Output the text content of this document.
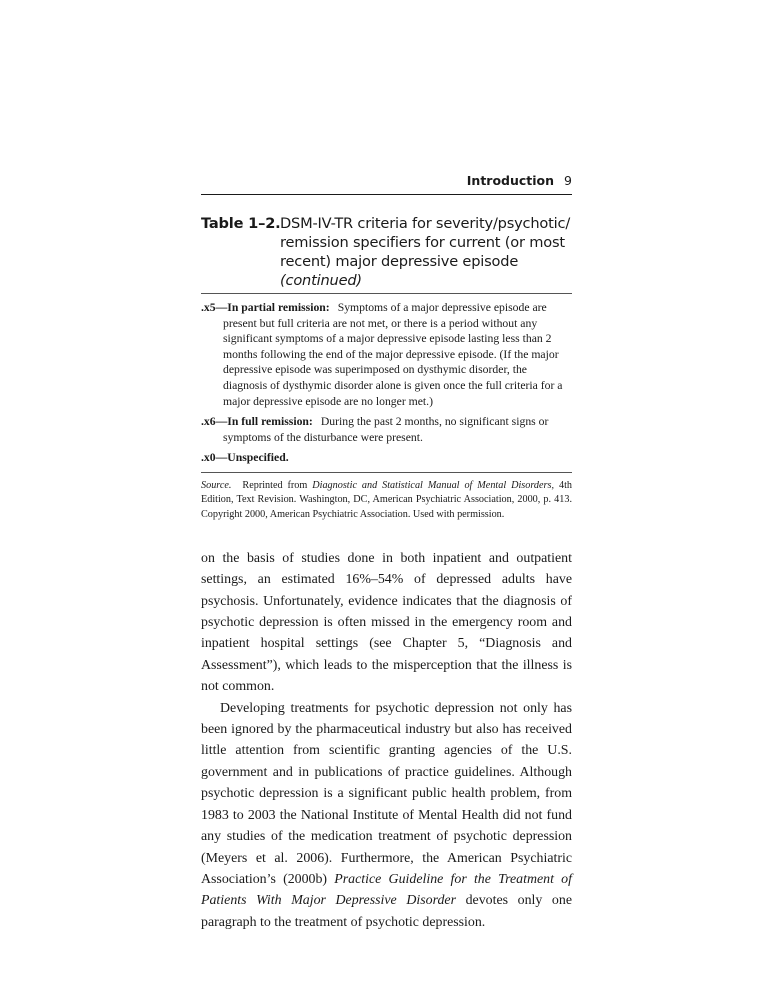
Introduction 9
Table 1–2. DSM-IV-TR criteria for severity/psychotic/ remission specifiers for current (or most recent) major depressive episode (continued)

.x5—In partial remission: Symptoms of a major depressive episode are present but full criteria are not met, or there is a period without any significant symptoms of a major depressive episode lasting less than 2 months following the end of the major depressive episode. (If the major depressive episode was superimposed on dysthymic disorder, the diagnosis of dysthymic disorder alone is given once the full criteria for a major depressive episode are no longer met.)

.x6—In full remission: During the past 2 months, no significant signs or symptoms of the disturbance were present.

.x0—Unspecified.

Source. Reprinted from Diagnostic and Statistical Manual of Mental Disorders, 4th Edition, Text Revision. Washington, DC, American Psychiatric Association, 2000, p. 413. Copyright 2000, American Psychiatric Association. Used with permission.

on the basis of studies done in both inpatient and outpatient settings, an estimated 16%–54% of depressed adults have psychosis. Unfortunately, evidence indicates that the diagnosis of psychotic depression is often missed in the emergency room and inpatient hospital settings (see Chapter 5, “Diagnosis and Assessment”), which leads to the misperception that the illness is not common.

Developing treatments for psychotic depression not only has been ignored by the pharmaceutical industry but also has received little attention from scientific granting agencies of the U.S. government and in publications of practice guidelines. Although psychotic depression is a significant public health problem, from 1983 to 2003 the National Institute of Mental Health did not fund any studies of the medication treatment of psychotic depression (Meyers et al. 2006). Furthermore, the American Psychiatric Association’s (2000b) Practice Guideline for the Treatment of Patients With Major Depressive Disorder devotes only one paragraph to the treatment of psychotic depression.
